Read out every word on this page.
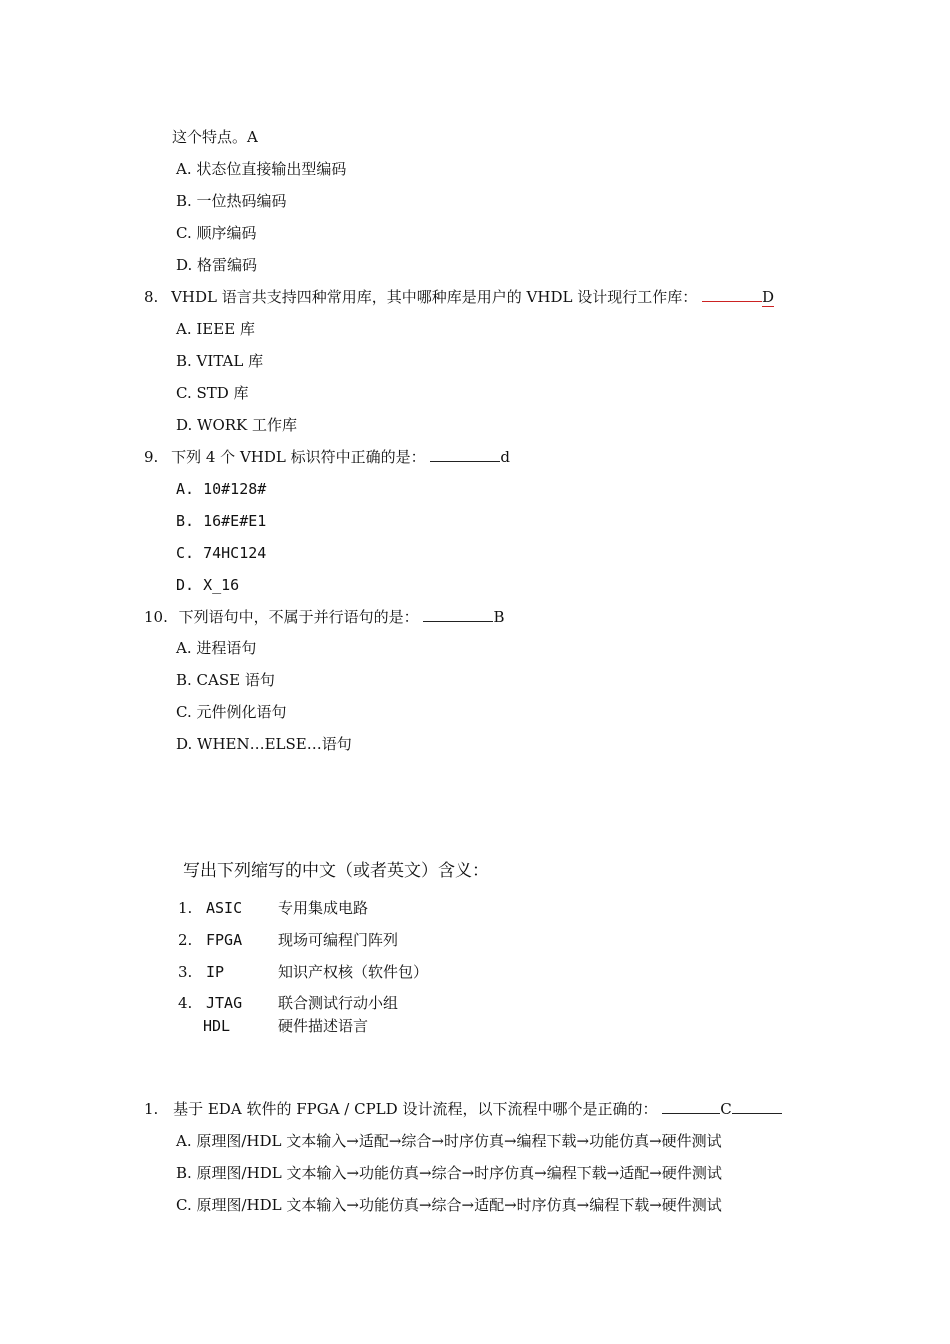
这个特点。A
A. 状态位直接输出型编码
B. 一位热码编码
C. 顺序编码
D. 格雷编码
8. VHDL 语言共支持四种常用库，其中哪种库是用户的 VHDL 设计现行工作库：	D
A. IEEE 库
B. VITAL 库
C. STD 库
D. WORK 工作库
9. 下列 4 个 VHDL 标识符中正确的是：	d
A. 10#128#
B. 16#E#E1
C. 74HC124
D. X_16
10. 下列语句中，不属于并行语句的是：	B
A. 进程语句
B. CASE 语句
C. 元件例化语句
D. WHEN…ELSE…语句
写出下列缩写的中文（或者英文）含义：
1. ASIC 专用集成电路
2. FPGA 现场可编程门阵列
3. IP	知识产权核（软件包）
4. JTAG 联合测试行动小组
HDL	硬件描述语言
1. 基于 EDA 软件的 FPGA / CPLD 设计流程，以下流程中哪个是正确的：	C
A. 原理图/HDL 文本输入→适配→综合→时序仿真→编程下载→功能仿真→硬件测试
B. 原理图/HDL 文本输入→功能仿真→综合→时序仿真→编程下载→适配→硬件测试
C. 原理图/HDL 文本输入→功能仿真→综合→适配→时序仿真→编程下载→硬件测试
